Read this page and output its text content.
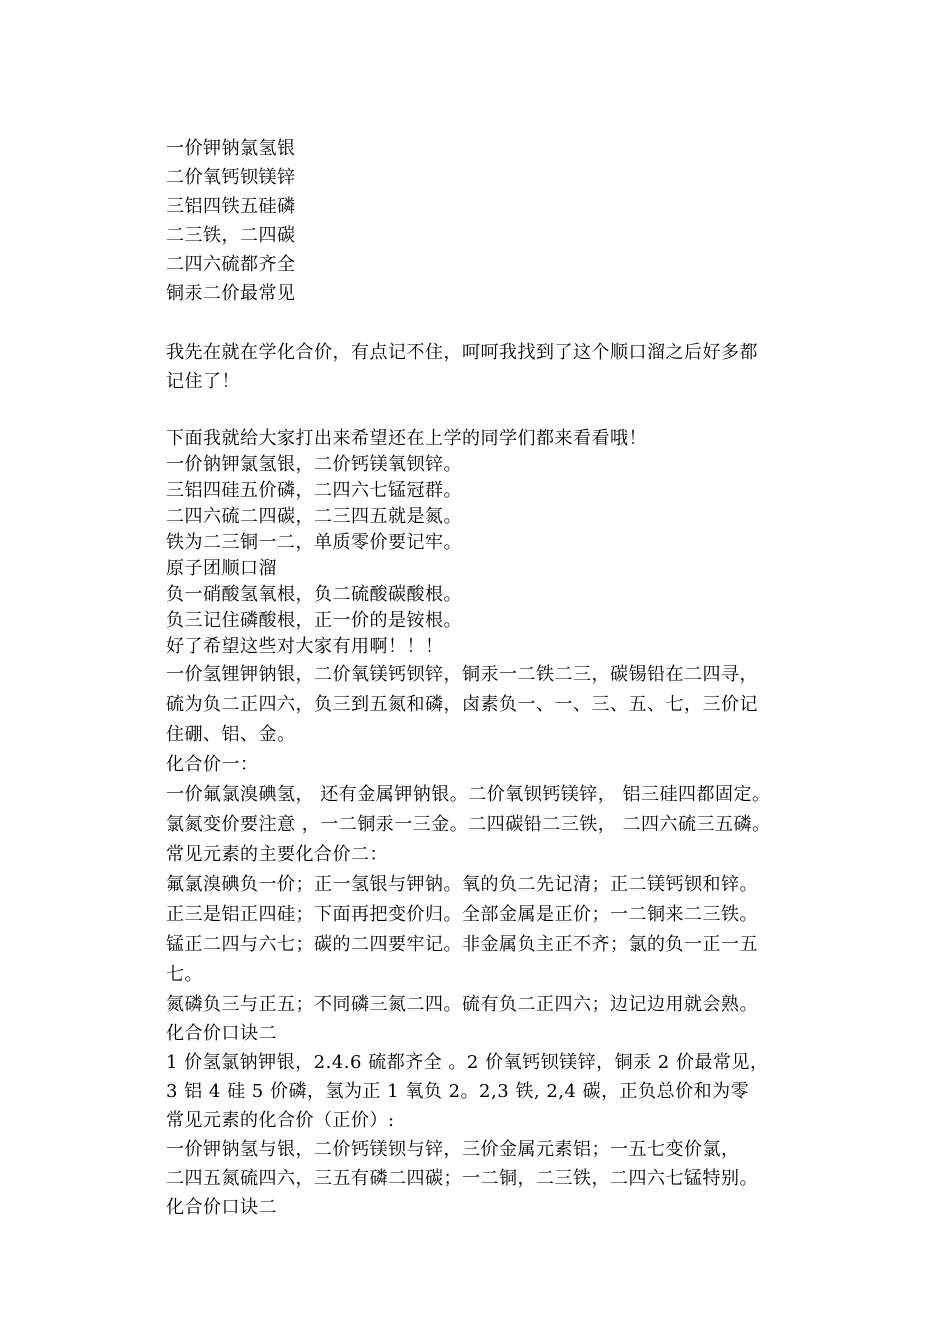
一价钾钠氯氢银
二价氧钙钡镁锌
三铝四铁五硅磷
二三铁，二四碳
二四六硫都齐全
铜汞二价最常见
我先在就在学化合价，有点记不住，呵呵我找到了这个顺口溜之后好多都
记住了！
下面我就给大家打出来希望还在上学的同学们都来看看哦！
一价钠钾氯氢银，二价钙镁氧钡锌。
三铝四硅五价磷，二四六七锰冠群。
二四六硫二四碳，二三四五就是氮。
铁为二三铜一二，单质零价要记牢。
原子团顺口溜
负一硝酸氢氧根，负二硫酸碳酸根。
负三记住磷酸根，正一价的是铵根。
好了希望这些对大家有用啊！！！
一价氢锂钾钠银，二价氧镁钙钡锌，铜汞一二铁二三，碳锡铅在二四寻，
硫为负二正四六，负三到五氮和磷，卤素负一、一、三、五、七，三价记
住硼、铝、金。
化合价一：
一价氟氯溴碘氢， 还有金属钾钠银。二价氧钡钙镁锌， 铝三硅四都固定。
氯氮变价要注意 ，一二铜汞一三金。二四碳铅二三铁， 二四六硫三五磷。
常见元素的主要化合价二：
氟氯溴碘负一价；正一氢银与钾钠。氧的负二先记清；正二镁钙钡和锌。
正三是铝正四硅；下面再把变价归。全部金属是正价；一二铜来二三铁。
锰正二四与六七；碳的二四要牢记。非金属负主正不齐；氯的负一正一五
七。
氮磷负三与正五；不同磷三氮二四。硫有负二正四六；边记边用就会熟。
化合价口诀二
1 价氢氯钠钾银，2.4.6 硫都齐全 。2 价氧钙钡镁锌，铜汞 2 价最常见，
3 铝 4 硅 5 价磷，氢为正 1 氧负 2。2,3 铁, 2,4 碳，正负总价和为零
常见元素的化合价（正价）:
一价钾钠氢与银，二价钙镁钡与锌，三价金属元素铝；一五七变价氯，
二四五氮硫四六，三五有磷二四碳；一二铜，二三铁，二四六七锰特别。
化合价口诀二
